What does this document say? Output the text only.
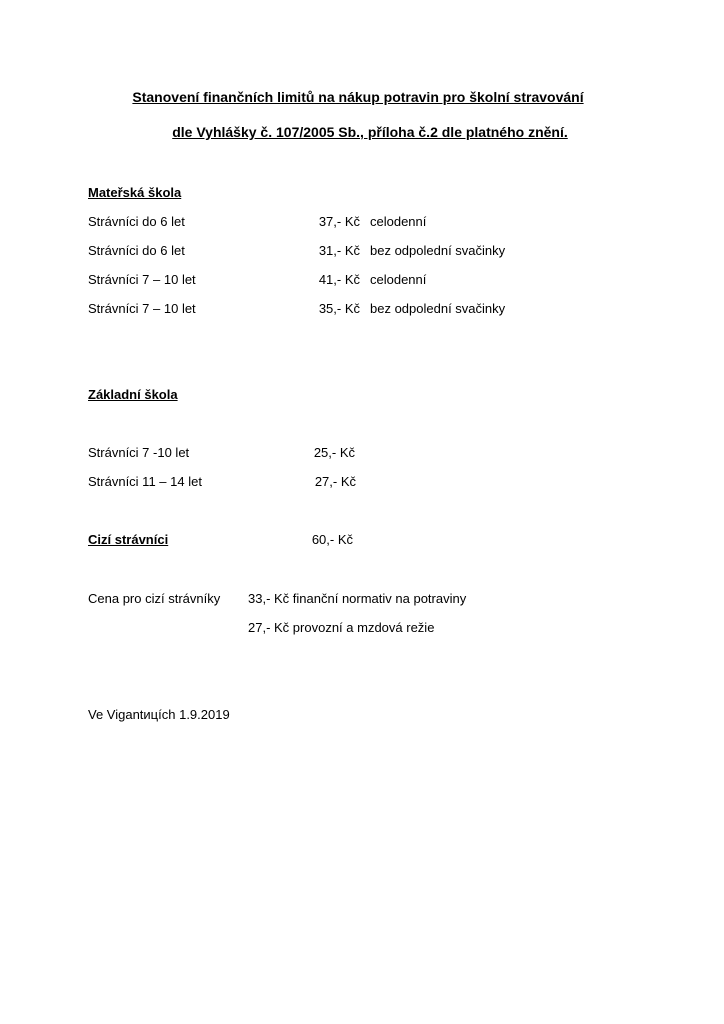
Stanovení finančních limitů na nákup potravin pro školní stravování
dle Vyhlášky č. 107/2005 Sb., příloha č.2 dle platného znění.
Mateřská škola
Strávníci do 6 let	37,- Kč celodenní
Strávníci do 6 let	31,- Kč bez odpolední svačinky
Strávníci 7 – 10 let	41,- Kč celodenní
Strávníci 7 – 10 let	35,- Kč bez odpolední svačinky
Základní škola
Strávníci 7 -10 let	25,- Kč
Strávníci 11 – 14 let	27,- Kč
Cizí strávníci	60,- Kč
Cena pro cizí strávníky 33,- Kč finanční normativ na potraviny
27,- Kč provozní a mzdová režie
Ve Vigantицích 1.9.2019
